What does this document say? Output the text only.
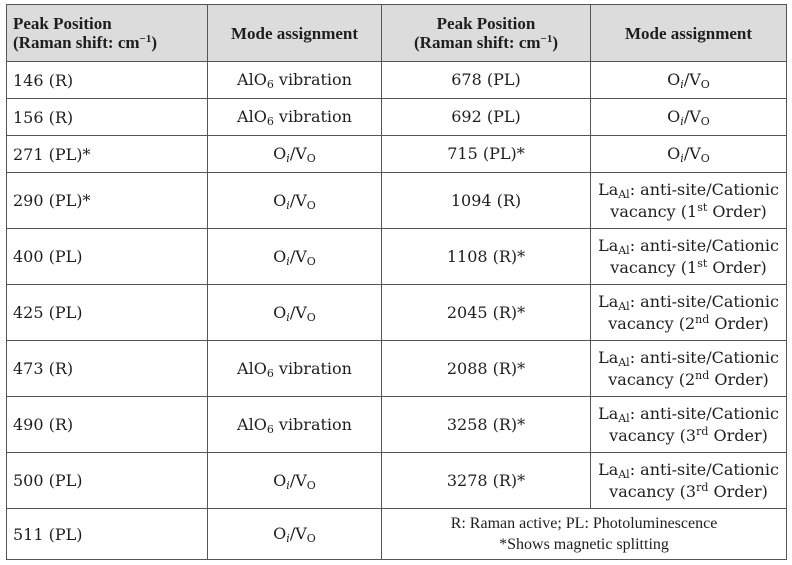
Peak Position
(Raman shift: $cm^{-1}$)	Mode assignment	Peak Position
(Raman shift: $cm^{-1}$)	Mode assignment
146 (R)	AlO$_6$ vibration	678 (PL)	$O_i/V_O$
156 (R)	AlO$_6$ vibration	692 (PL)	$O_i/V_O$
271 (PL)*	$O_i/V_O$	715 (PL)*	$O_i/V_O$
290 (PL)*	$O_i/V_O$	1094 (R)	$La_{Al}$: anti-site/Cationic
vacancy (1st Order)
400 (PL)	$O_i/V_O$	1108 (R)*	$La_{Al}$: anti-site/Cationic
vacancy (1st Order)
425 (PL)	$O_i/V_O$	2045 (R)*	$La_{Al}$: anti-site/Cationic
vacancy (2nd Order)
473 (R)	AlO$_6$ vibration	2088 (R)*	$La_{Al}$: anti-site/Cationic
vacancy (2nd Order)
490 (R)	AlO$_6$ vibration	3258 (R)*	$La_{Al}$: anti-site/Cationic
vacancy (3rd Order)
500 (PL)	$O_i/V_O$	3278 (R)*	$La_{Al}$: anti-site/Cationic
vacancy (3rd Order)
511 (PL)	$O_i/V_O$	R: Raman active; PL: Photoluminescence
*Shows magnetic splitting	
